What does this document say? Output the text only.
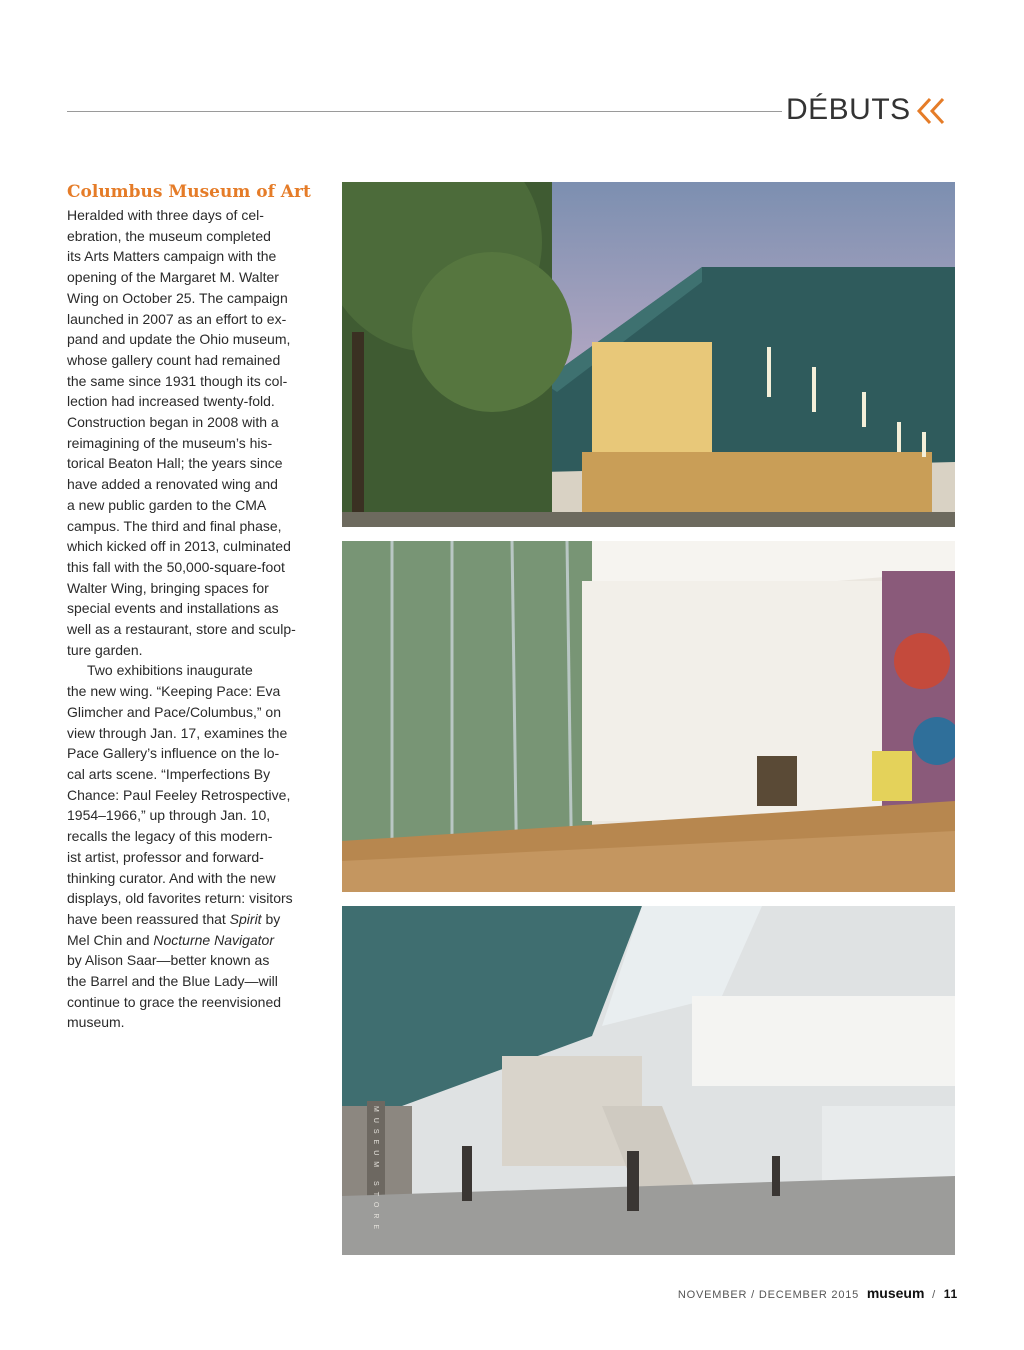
DÉBUTS
Columbus Museum of Art
Heralded with three days of cel-
ebration, the museum completed
its Arts Matters campaign with the
opening of the Margaret M. Walter
Wing on October 25. The campaign
launched in 2007 as an effort to ex-
pand and update the Ohio museum,
whose gallery count had remained
the same since 1931 though its col-
lection had increased twenty-fold.
Construction began in 2008 with a
reimagining of the museum’s his-
torical Beaton Hall; the years since
have added a renovated wing and
a new public garden to the CMA
campus. The third and final phase,
which kicked off in 2013, culminated
this fall with the 50,000-square-foot
Walter Wing, bringing spaces for
special events and installations as
well as a restaurant, store and sculp-
ture garden.
Two exhibitions inaugurate
the new wing. “Keeping Pace: Eva
Glimcher and Pace/Columbus,” on
view through Jan. 17, examines the
Pace Gallery’s influence on the lo-
cal arts scene. “Imperfections By
Chance: Paul Feeley Retrospective,
1954–1966,” up through Jan. 10,
recalls the legacy of this modern-
ist artist, professor and forward-
thinking curator. And with the new
displays, old favorites return: visitors
have been reassured that Spirit by
Mel Chin and Nocturne Navigator
by Alison Saar—better known as
the Barrel and the Blue Lady—will
continue to grace the reenvisioned
museum.
MUSEUM STORE
NOVEMBER / DECEMBER 2015 museum / 11
